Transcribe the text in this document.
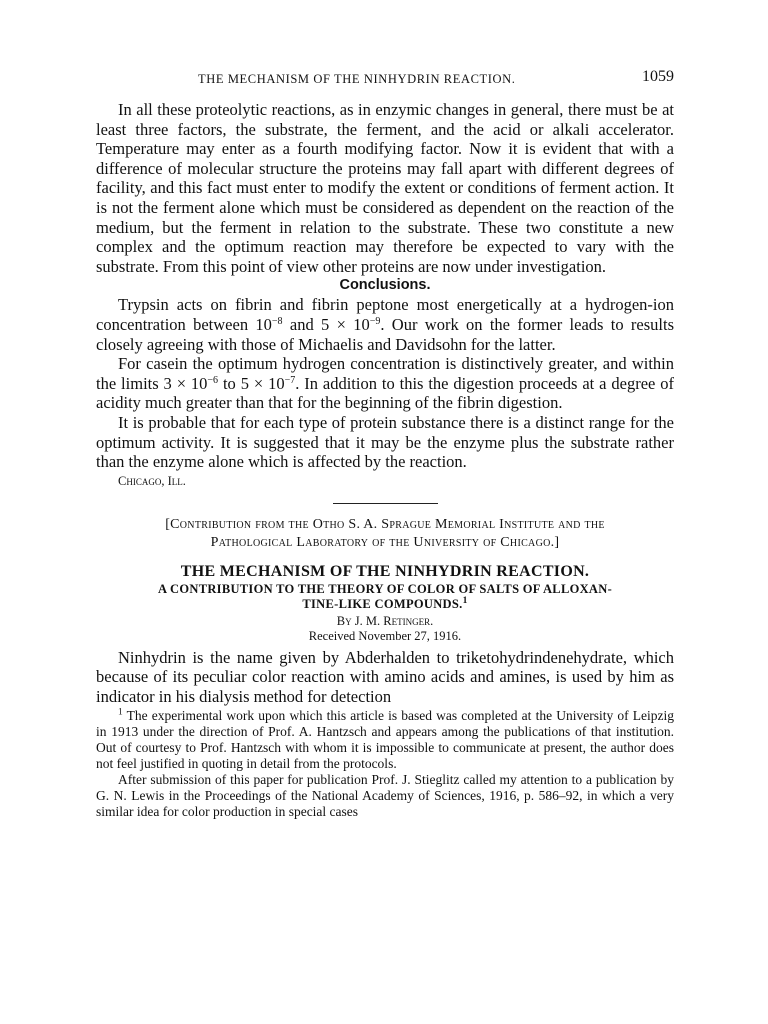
THE MECHANISM OF THE NINHYDRIN REACTION.	1059

In all these proteolytic reactions, as in enzymic changes in general, there must be at least three factors, the substrate, the ferment, and the acid or alkali accelerator. Temperature may enter as a fourth modifying factor. Now it is evident that with a difference of molecular structure the proteins may fall apart with different degrees of facility, and this fact must enter to modify the extent or conditions of ferment action. It is not the ferment alone which must be considered as dependent on the reaction of the medium, but the ferment in relation to the substrate. These two constitute a new complex and the optimum reaction may therefore be expected to vary with the substrate. From this point of view other proteins are now under investigation.

Conclusions.

Trypsin acts on fibrin and fibrin peptone most energetically at a hydrogen-ion concentration between $10^{-8}$ and $5 \times 10^{-9}$. Our work on the former leads to results closely agreeing with those of Michaelis and Davidsohn for the latter.

For casein the optimum hydrogen concentration is distinctively greater, and within the limits $3 \times 10^{-6}$ to $5 \times 10^{-7}$. In addition to this the digestion proceeds at a degree of acidity much greater than that for the beginning of the fibrin digestion.

It is probable that for each type of protein substance there is a distinct range for the optimum activity. It is suggested that it may be the enzyme plus the substrate rather than the enzyme alone which is affected by the reaction.

Chicago, Ill.

[Contribution from the Otho S. A. Sprague Memorial Institute and the

Pathological Laboratory of the University of Chicago.]

THE MECHANISM OF THE NINHYDRIN REACTION.

A CONTRIBUTION TO THE THEORY OF COLOR OF SALTS OF ALLOXAN-

TINE-LIKE COMPOUNDS.$^1$

By J. M. Retinger.

Received November 27, 1916.

Ninhydrin is the name given by Abderhalden to triketohydrindenehydrate, which because of its peculiar color reaction with amino acids and amines, is used by him as indicator in his dialysis method for detection

$^1$ The experimental work upon which this article is based was completed at the University of Leipzig in 1913 under the direction of Prof. A. Hantzsch and appears among the publications of that institution. Out of courtesy to Prof. Hantzsch with whom it is impossible to communicate at present, the author does not feel justified in quoting in detail from the protocols.

After submission of this paper for publication Prof. J. Stieglitz called my attention to a publication by G. N. Lewis in the Proceedings of the National Academy of Sciences, 1916, p. 586–92, in which a very similar idea for color production in special cases
